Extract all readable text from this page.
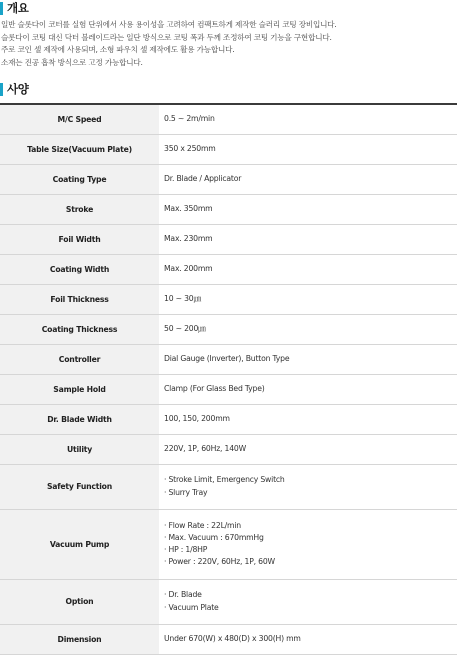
개요
일반 슬롯다이 코터를 실험 단위에서 사용 용이성을 고려하여 컴팩트하게 제작한 슬러리 코팅 장비입니다.
슬롯다이 코팅 대신 닥터 블레이드라는 일단 방식으로 코팅 폭과 두께 조정하여 코팅 기능을 구현합니다.
주로 코인 셀 제작에 사용되며, 소형 파우치 셀 제작에도 활용 가능합니다.
소재는 진공 흡착 방식으로 고정 가능합니다.
사양
M/C Speed	0.5 ~ 2m/min

Table Size(Vacuum Plate)	350 x 250mm

Coating Type	Dr. Blade / Applicator

Stroke	Max. 350mm

Foil Width	Max. 230mm

Coating Width	Max. 200mm

Foil Thickness	10 ~ 30㎛

Coating Thickness	50 ~ 200㎛

Controller	Dial Gauge (Inverter), Button Type

Sample Hold	Clamp (For Glass Bed Type)

Dr. Blade Width	100, 150, 200mm

Utility	220V, 1P, 60Hz, 140W

Safety Function	· Stroke Limit, Emergency Switch
· Slurry Tray

Vacuum Pump	· Flow Rate : 22L/min
· Max. Vacuum : 670mmHg
· HP : 1/8HP
· Power : 220V, 60Hz, 1P, 60W

Option	· Dr. Blade
· Vacuum Plate

Dimension	Under 670(W) x 480(D) x 300(H) mm
